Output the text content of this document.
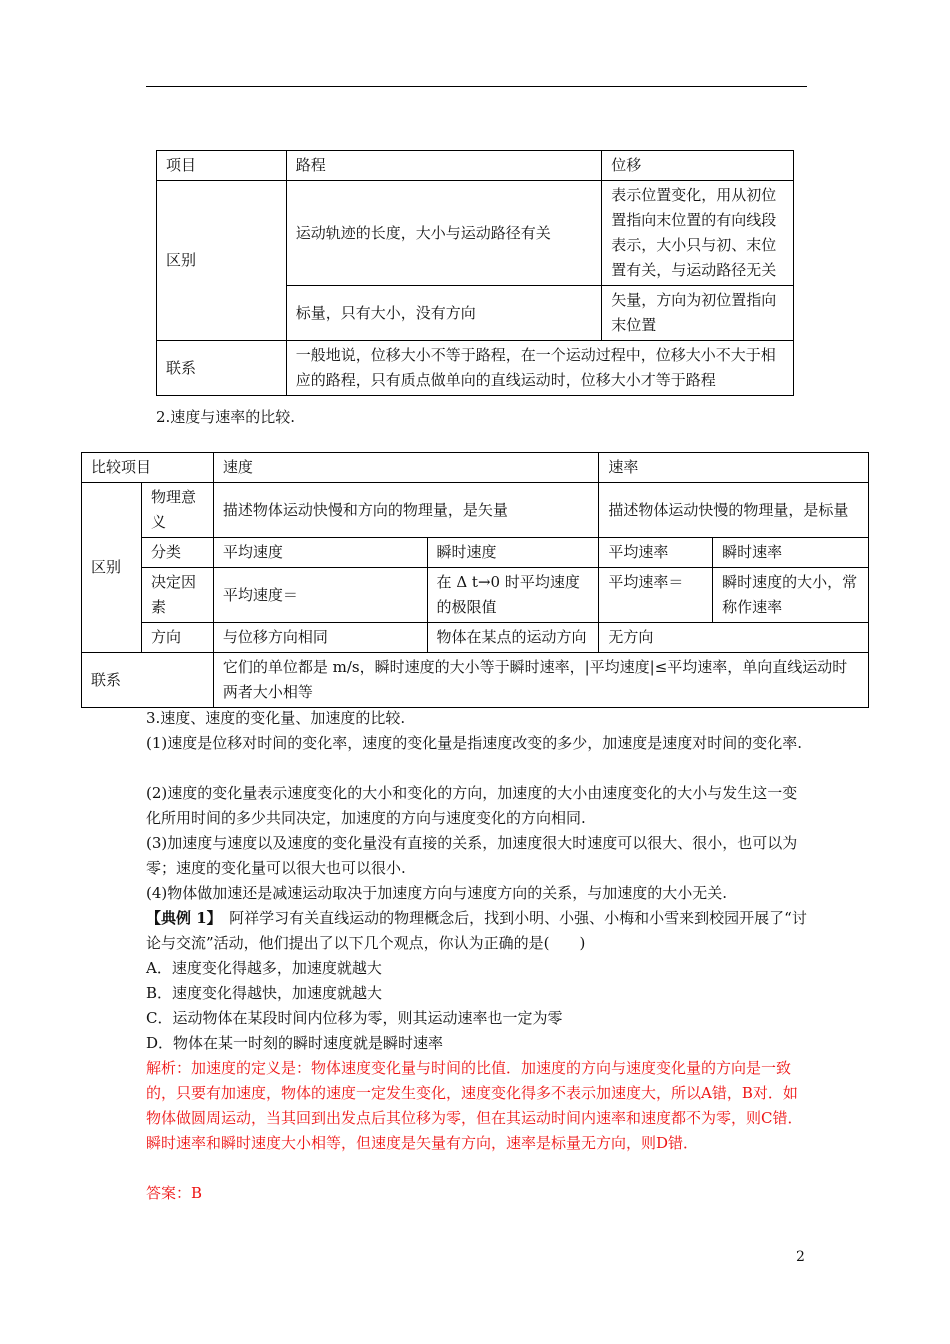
项目	路程	位移
区别	运动轨迹的长度，大小与运动路径有关	表示位置变化，用从初位置指向末位置的有向线段表示，大小只与初、末位置有关，与运动路径无关
	标量，只有大小，没有方向	矢量，方向为初位置指向末位置
联系	一般地说，位移大小不等于路程，在一个运动过程中，位移大小不大于相应的路程，只有质点做单向的直线运动时，位移大小才等于路程	
2.速度与速率的比较.
比较项目		速度		速率	
区别	物理意义	描述物体运动快慢和方向的物理量，是矢量		描述物体运动快慢的物理量，是标量	
	分类	平均速度	瞬时速度	平均速率	瞬时速率
	决定因素	平均速度＝	在 Δ t→0 时平均速度的极限值	平均速率＝	瞬时速度的大小，常称作速率
	方向	与位移方向相同	物体在某点的运动方向	无方向	
联系		它们的单位都是 m/s，瞬时速度的大小等于瞬时速率，|平均速度|≤平均速率，单向直线运动时两者大小相等			
3.速度、速度的变化量、加速度的比较.
(1)速度是位移对时间的变化率，速度的变化量是指速度改变的多少，加速度是速度对时间的变化率.
(2)速度的变化量表示速度变化的大小和变化的方向，加速度的大小由速度变化的大小与发生这一变化所用时间的多少共同决定，加速度的方向与速度变化的方向相同.
(3)加速度与速度以及速度的变化量没有直接的关系，加速度很大时速度可以很大、很小，也可以为零；速度的变化量可以很大也可以很小.
(4)物体做加速还是减速运动取决于加速度方向与速度方向的关系，与加速度的大小无关.
【典例 1】　阿祥学习有关直线运动的物理概念后，找到小明、小强、小梅和小雪来到校园开展了“讨论与交流”活动，他们提出了以下几个观点，你认为正确的是(　　)
A．速度变化得越多，加速度就越大
B．速度变化得越快，加速度就越大
C．运动物体在某段时间内位移为零，则其运动速率也一定为零
D．物体在某一时刻的瞬时速度就是瞬时速率
解析：加速度的定义是：物体速度变化量与时间的比值．加速度的方向与速度变化量的方向是一致的，只要有加速度，物体的速度一定发生变化，速度变化得多不表示加速度大，所以A错，B对．如物体做圆周运动，当其回到出发点后其位移为零，但在其运动时间内速率和速度都不为零，则C错．瞬时速率和瞬时速度大小相等，但速度是矢量有方向，速率是标量无方向，则D错．
答案：B
2
